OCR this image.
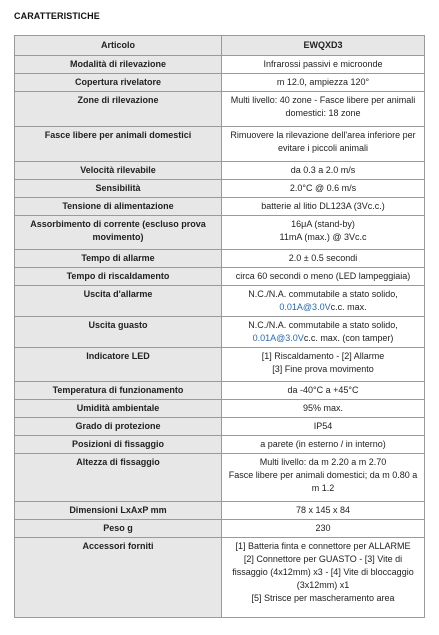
CARATTERISTICHE
Articolo	EWQXD3
Modalità di rilevazione	Infrarossi passivi e microonde
Copertura rivelatore	m 12.0, ampiezza 120°
Zone di rilevazione	Multi livello: 40 zone - Fasce libere per animali domestici: 18 zone

Fasce libere per animali domestici	Rimuovere la rilevazione dell'area inferiore per evitare i piccoli animali

Velocità rilevabile	da 0.3 a 2.0 m/s
Sensibilità	2.0°C @ 0.6 m/s
Tensione di alimentazione	batterie al litio DL123A (3Vc.c.)
Assorbimento di corrente (escluso prova movimento)	16μA (stand-by)
11mA (max.) @ 3Vc.c

Tempo di allarme	2.0 ± 0.5 secondi
Tempo di riscaldamento	circa 60 secondi o meno (LED lampeggiaia)
Uscita d'allarme	N.C./N.A. commutabile a stato solido,
0.01A@3.0Vc.c. max.

Uscita guasto	N.C./N.A. commutabile a stato solido,
0.01A@3.0Vc.c. max. (con tamper)

Indicatore LED	[1] Riscaldamento - [2] Allarme
[3] Fine prova movimento

Temperatura di funzionamento	da -40°C a +45°C
Umidità ambientale	95% max.
Grado di protezione	IP54
Posizioni di fissaggio	a parete (in esterno / in interno)
Altezza di fissaggio	Multi livello: da m 2.20 a m 2.70
Fasce libere per animali domestici; da m 0.80 a m 1.2

Dimensioni LxAxP mm	78 x 145 x 84
Peso g	230
Accessori forniti	[1] Batteria finta e connettore per ALLARME
[2] Connettore per GUASTO - [3] Vite di fissaggio (4x12mm) x3 - [4] Vite di bloccaggio (3x12mm) x1
[5] Strisce per mascheramento area
